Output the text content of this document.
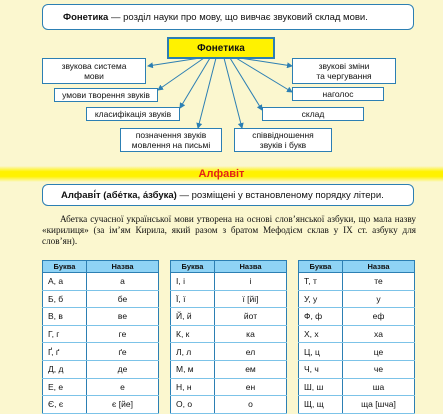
Фонетика — розділ науки про мову, що вивчає звуковий склад мови.
Фонетика
звукова система
мови
умови творення звуків
класифікація звуків
позначення звуків
мовлення на письмі
звукові зміни
та чергування
наголос
склад
співвідношення
звуків і букв
Алфавіт
Алфаві́т (абе́тка, а́збука) — розміщені у встановленому порядку літери.
Абетка сучасної української мови утворена на основі слов’янської азбуки, що мала назву «кирилиця» (за ім’ям Кирила, який разом з братом Мефодієм склав у IX ст. азбуку для слов’ян).
Буква	Назва
А, а	а
Б, б	бе
В, в	ве
Г, г	ге
Ґ, ґ	ґе
Д, д	де
Е, е	е
Є, є	є [йе]
Буква	Назва
І, і	і
Ї, ї	ї [йі]
Й, й	йот
К, к	ка
Л, л	ел
М, м	ем
Н, н	ен
О, о	о
Буква	Назва
Т, т	те
У, у	у
Ф, ф	еф
Х, х	ха
Ц, ц	це
Ч, ч	че
Ш, ш	ша
Щ, щ	ща [шча]
